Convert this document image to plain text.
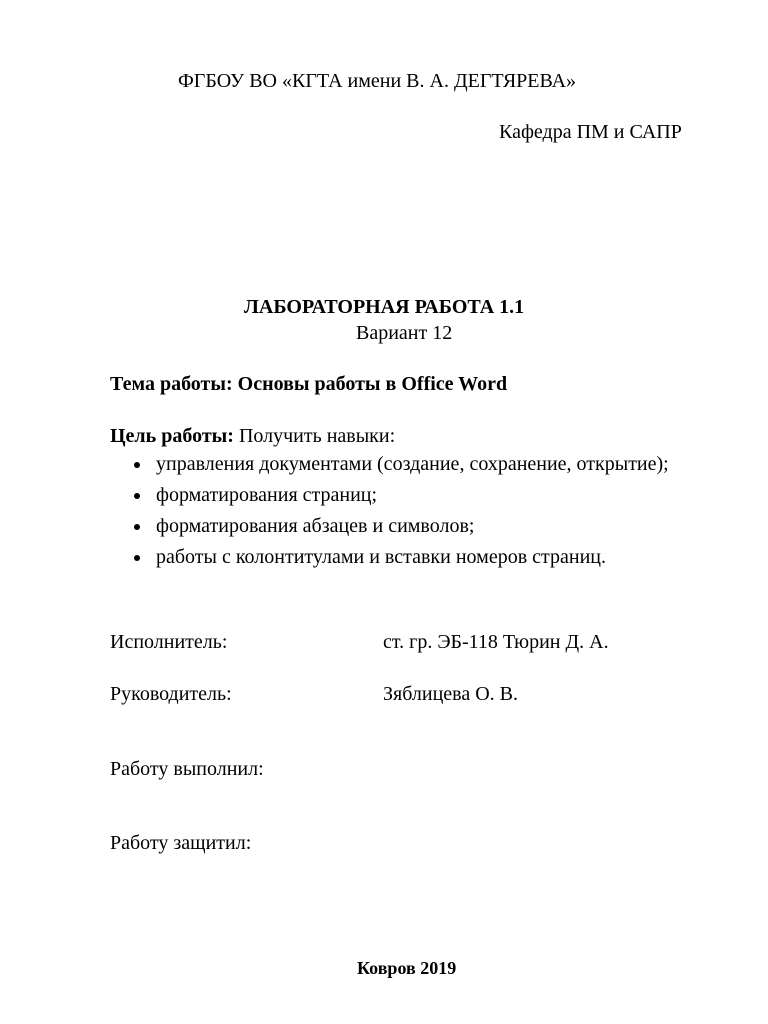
ФГБОУ ВО «КГТА имени В. А. ДЕГТЯРЕВА»
Кафедра ПМ и САПР
ЛАБОРАТОРНАЯ РАБОТА 1.1
Вариант 12
Тема работы: Основы работы в Office Word
Цель работы: Получить навыки:
управления документами (создание, сохранение, открытие);
форматирования страниц;
форматирования абзацев и символов;
работы с колонтитулами и вставки номеров страниц.
Исполнитель:	ст. гр. ЭБ-118 Тюрин Д. А.
Руководитель:	Зяблицева О. В.
Работу выполнил:
Работу защитил:
Ковров 2019
